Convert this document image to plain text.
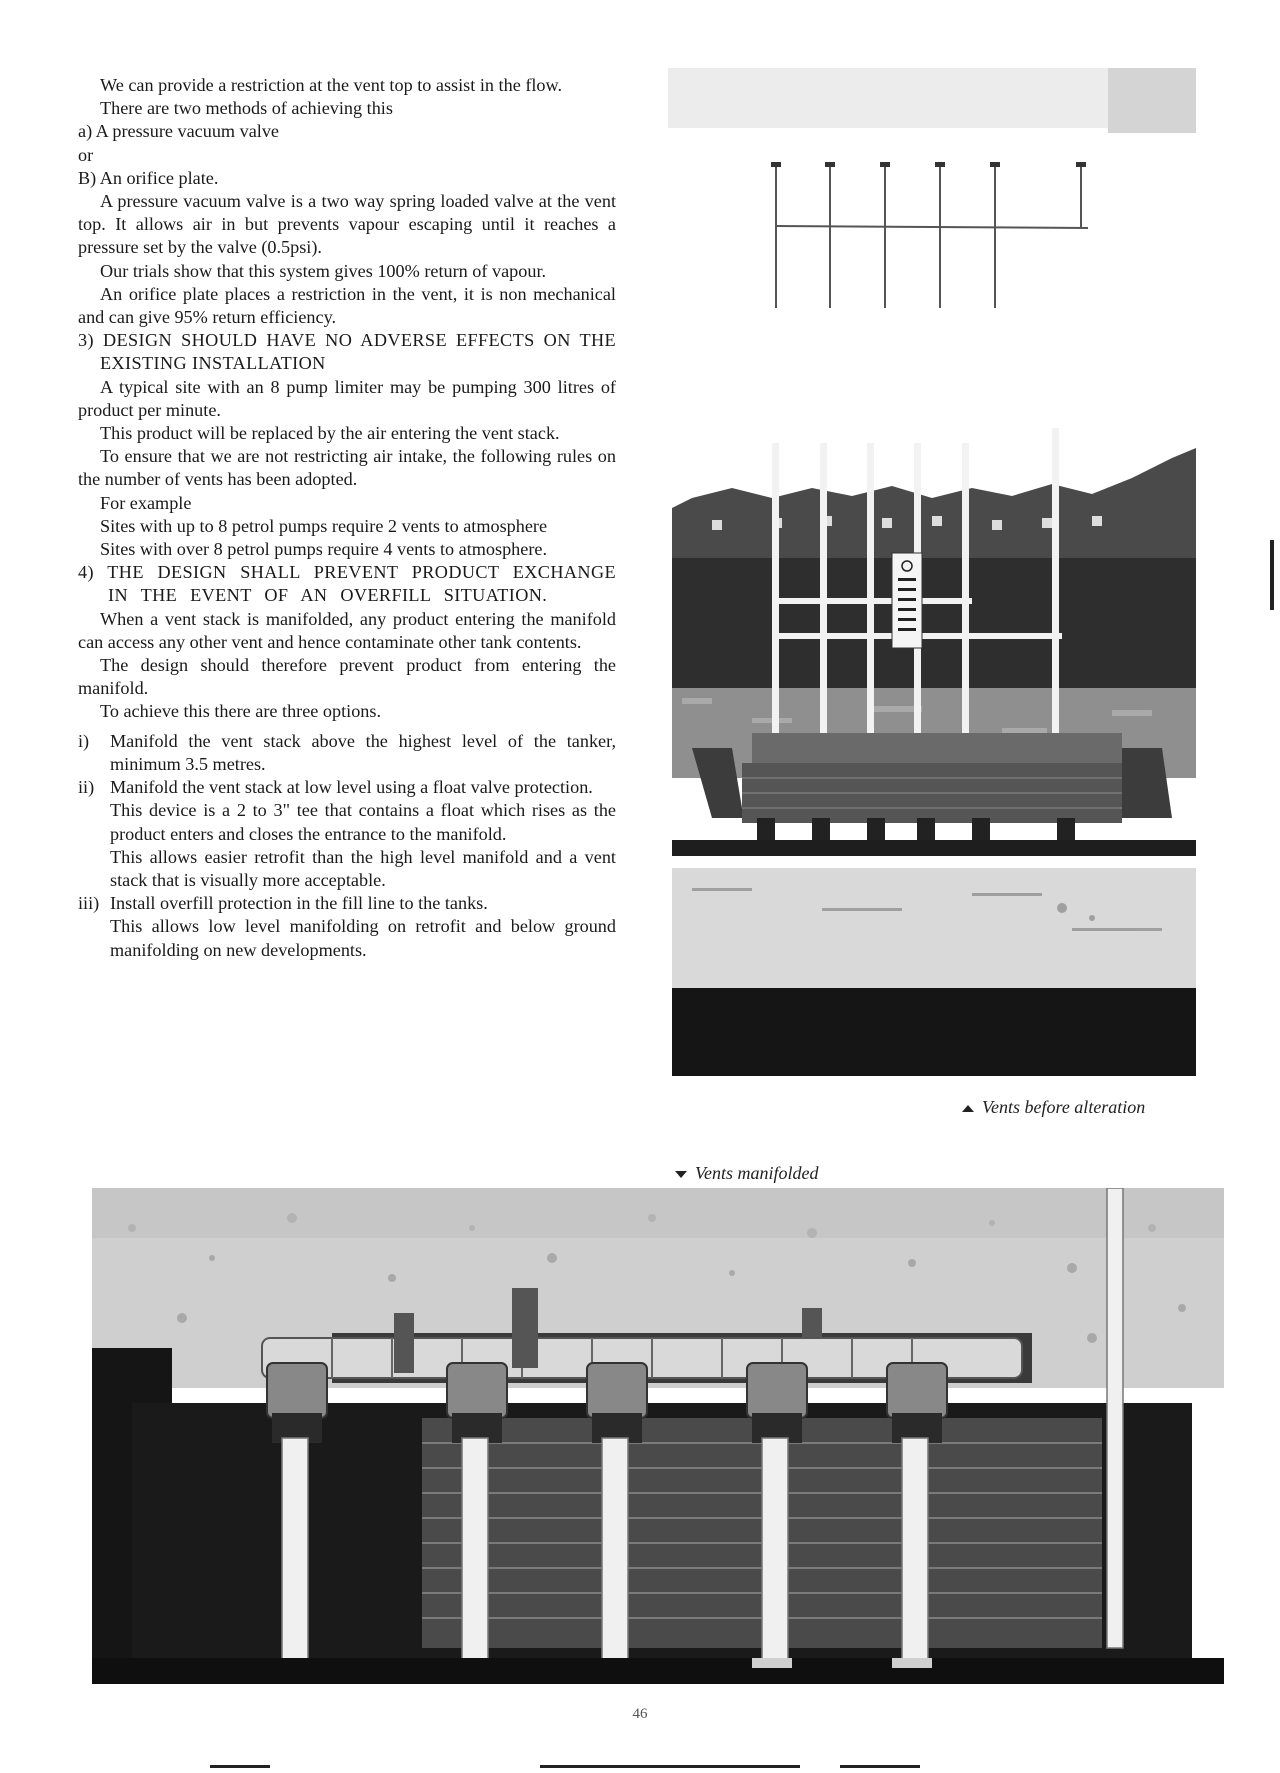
We can provide a restriction at the vent top to assist in the flow.

There are two methods of achieving this

a) A pressure vacuum valve

or

B) An orifice plate.

A pressure vacuum valve is a two way spring loaded valve at the vent top. It allows air in but prevents vapour escaping until it reaches a pressure set by the valve (0.5psi).

Our trials show that this system gives 100% return of vapour.

An orifice plate places a restriction in the vent, it is non mechanical and can give 95% return efficiency.

3) DESIGN SHOULD HAVE NO ADVERSE EFFECTS ON THE EXISTING INSTALLATION

A typical site with an 8 pump limiter may be pumping 300 litres of product per minute.

This product will be replaced by the air entering the vent stack.

To ensure that we are not restricting air intake, the following rules on the number of vents has been adopted.

For example

Sites with up to 8 petrol pumps require 2 vents to atmosphere

Sites with over 8 petrol pumps require 4 vents to atmosphere.

4) THE DESIGN SHALL PREVENT PRODUCT EXCHANGE IN THE EVENT OF AN OVERFILL SITUATION.

When a vent stack is manifolded, any product entering the manifold can access any other vent and hence contaminate other tank contents.

The design should therefore prevent product from entering the manifold.

To achieve this there are three options.

i)	Manifold the vent stack above the highest level of the tanker, minimum 3.5 metres.

ii) Manifold the vent stack at low level using a float valve protection.

This device is a 2 to 3" tee that contains a float which rises as the product enters and closes the entrance to the manifold.

This allows easier retrofit than the high level manifold and a vent stack that is visually more acceptable.

iii) Install overfill protection in the fill line to the tanks.

This allows low level manifolding on retrofit and below ground manifolding on new developments.

Vents before alteration
Vents manifolded
46
